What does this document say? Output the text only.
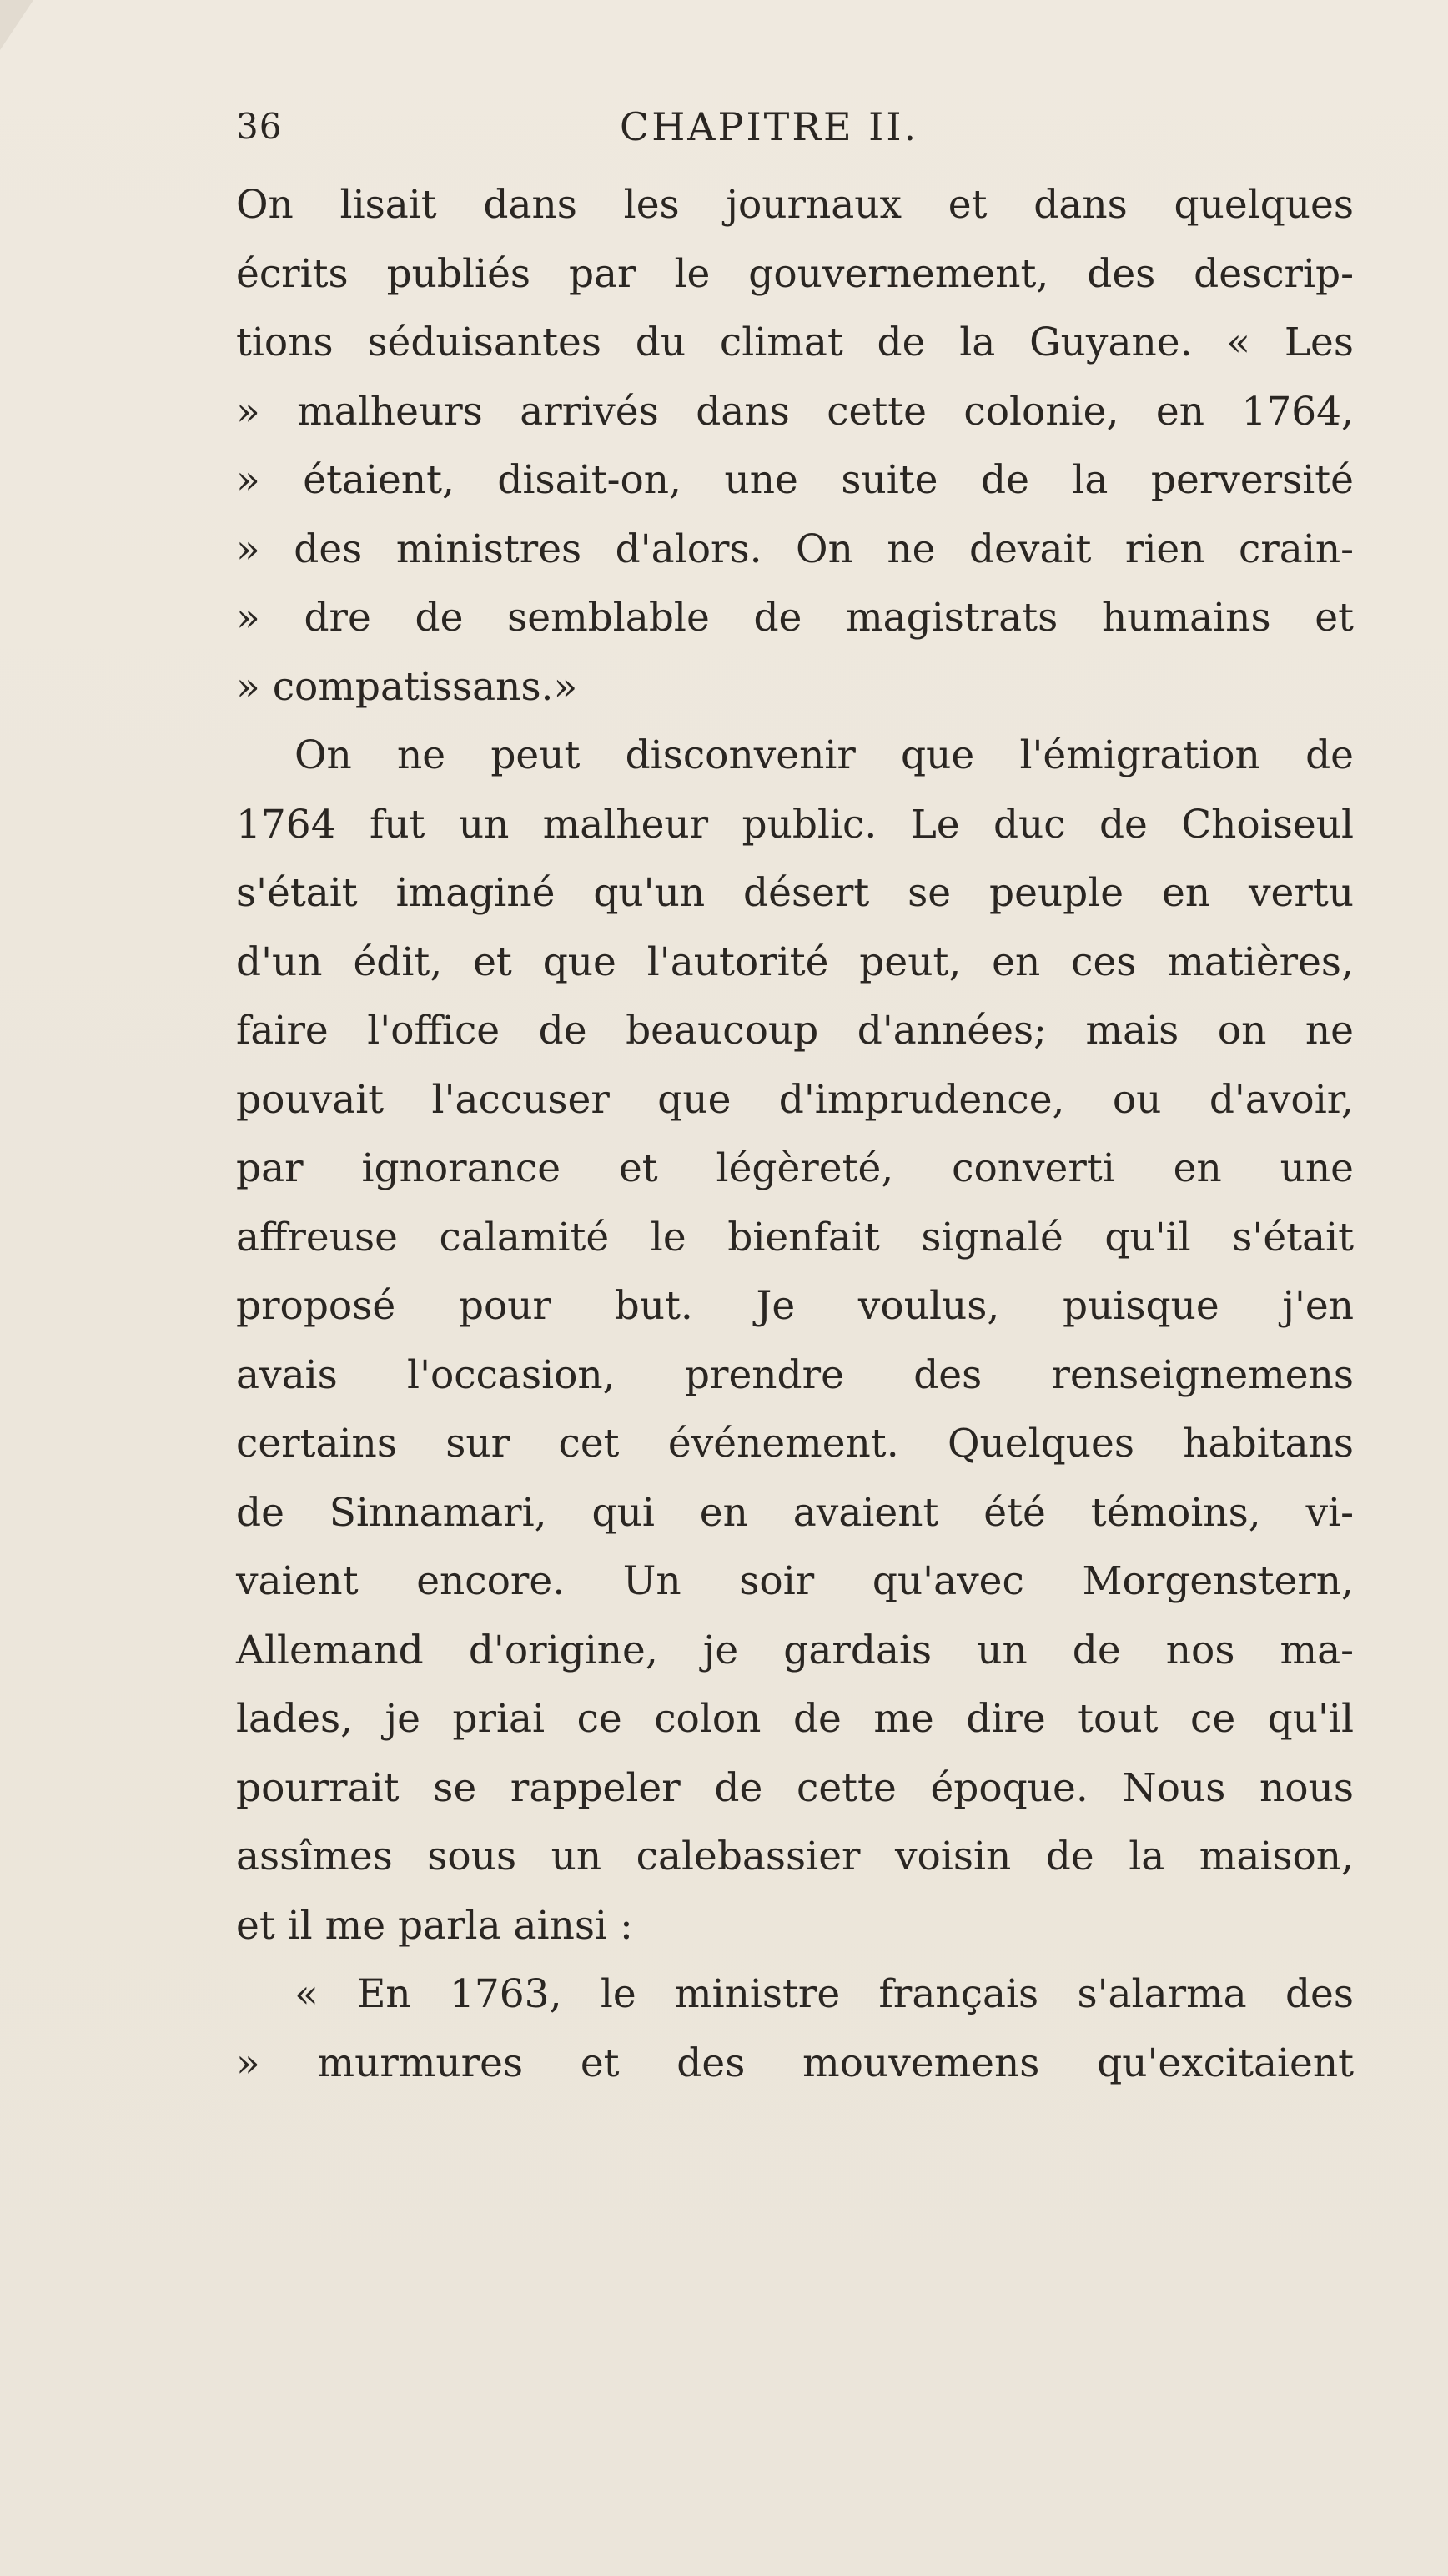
36	CHAPITRE II.
On lisait dans les journaux et dans quelques
écrits publiés par le gouvernement, des descrip-
tions séduisantes du climat de la Guyane. « Les
» malheurs arrivés dans cette colonie, en 1764,
» étaient, disait-on, une suite de la perversité
» des ministres d'alors. On ne devait rien crain-
» dre de semblable de magistrats humains et
» compatissans.»
On ne peut disconvenir que l'émigration de
1764 fut un malheur public. Le duc de Choiseul
s'était imaginé qu'un désert se peuple en vertu
d'un édit, et que l'autorité peut, en ces matières,
faire l'office de beaucoup d'années; mais on ne
pouvait l'accuser que d'imprudence, ou d'avoir,
par ignorance et légèreté, converti en une
affreuse calamité le bienfait signalé qu'il s'était
proposé pour but. Je voulus, puisque j'en
avais l'occasion, prendre des renseignemens
certains sur cet événement. Quelques habitans
de Sinnamari, qui en avaient été témoins, vi-
vaient encore. Un soir qu'avec Morgenstern,
Allemand d'origine, je gardais un de nos ma-
lades, je priai ce colon de me dire tout ce qu'il
pourrait se rappeler de cette époque. Nous nous
assîmes sous un calebassier voisin de la maison,
et il me parla ainsi :
« En 1763, le ministre français s'alarma des
» murmures et des mouvemens qu'excitaient
